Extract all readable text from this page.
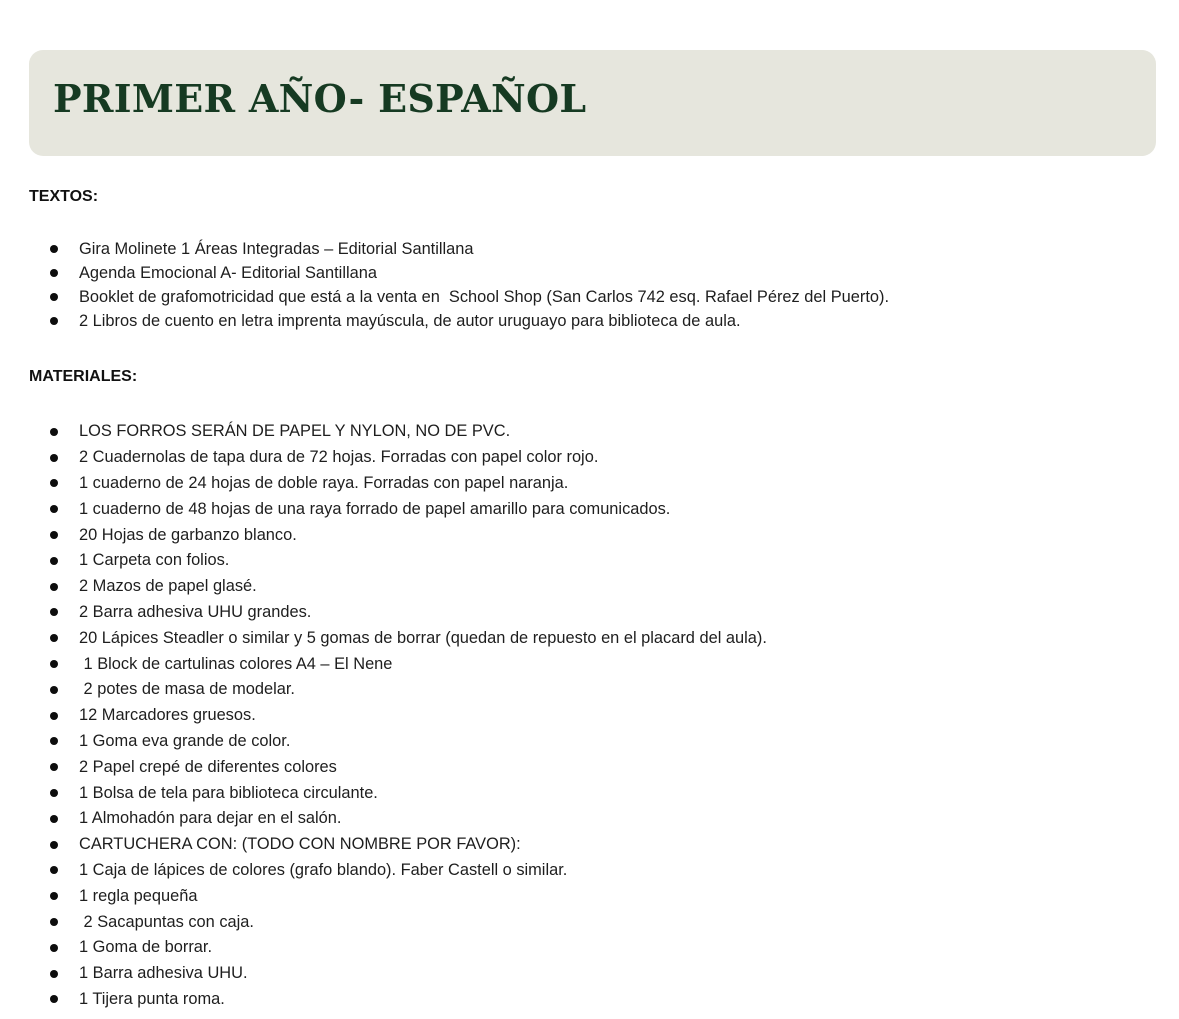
PRIMER AÑO- ESPAÑOL
TEXTOS:
Gira Molinete 1 Áreas Integradas – Editorial Santillana
Agenda Emocional A- Editorial Santillana
Booklet de grafomotricidad que está a la venta en  School Shop (San Carlos 742 esq. Rafael Pérez del Puerto).
2 Libros de cuento en letra imprenta mayúscula, de autor uruguayo para biblioteca de aula.
MATERIALES:
LOS FORROS SERÁN DE PAPEL Y NYLON, NO DE PVC.
2 Cuadernolas de tapa dura de 72 hojas. Forradas con papel color rojo.
1 cuaderno de 24 hojas de doble raya. Forradas con papel naranja.
1 cuaderno de 48 hojas de una raya forrado de papel amarillo para comunicados.
20 Hojas de garbanzo blanco.
1 Carpeta con folios.
2 Mazos de papel glasé.
2 Barra adhesiva UHU grandes.
20 Lápices Steadler o similar y 5 gomas de borrar (quedan de repuesto en el placard del aula).
1 Block de cartulinas colores A4 – El Nene
2 potes de masa de modelar.
12 Marcadores gruesos.
1 Goma eva grande de color.
2 Papel crepé de diferentes colores
1 Bolsa de tela para biblioteca circulante.
1 Almohadón para dejar en el salón.
CARTUCHERA CON: (TODO CON NOMBRE POR FAVOR):
1 Caja de lápices de colores (grafo blando). Faber Castell o similar.
1 regla pequeña
2 Sacapuntas con caja.
1 Goma de borrar.
1 Barra adhesiva UHU.
1 Tijera punta roma.
